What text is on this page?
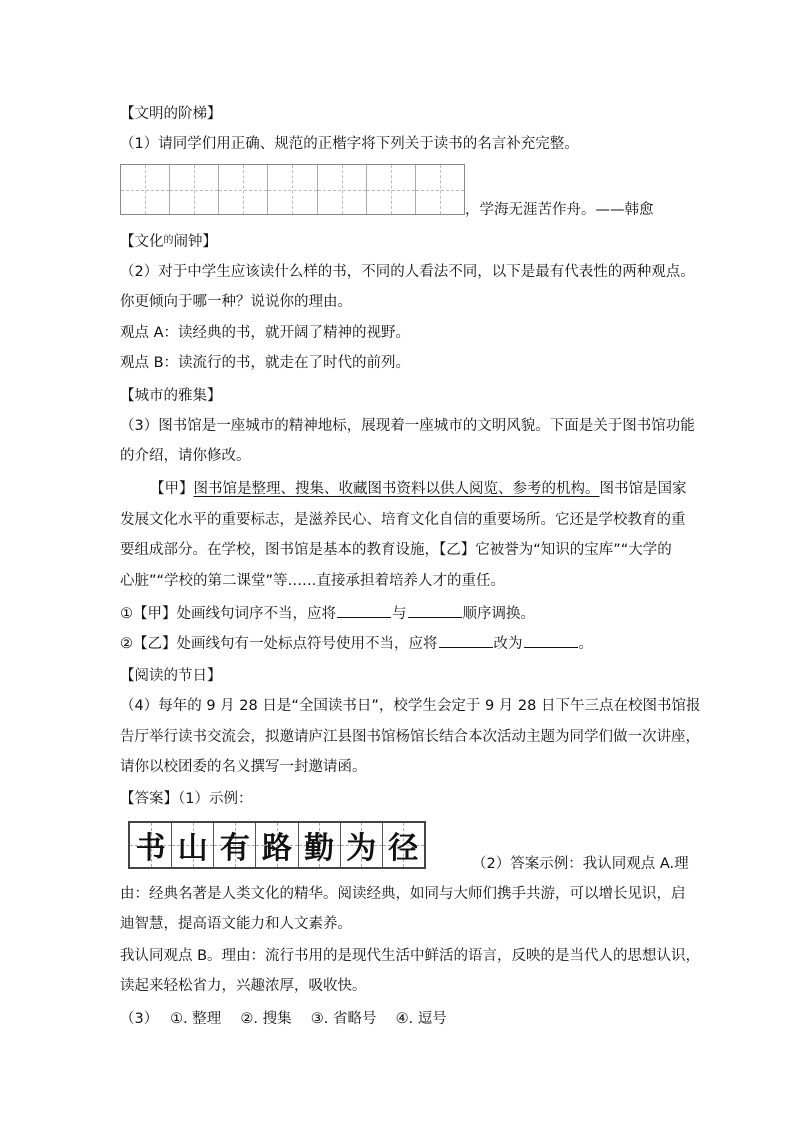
【文明的阶梯】
（1）请同学们用正确、规范的正楷字将下列关于读书的名言补充完整。
，学海无涯苦作舟。——韩愈
【文化$^的$闹钟】
（2）对于中学生应该读什么样的书，不同的人看法不同，以下是最有代表性的两种观点。
你更倾向于哪一种？说说你的理由。
观点 A：读经典的书，就开阔了精神的视野。
观点 B：读流行的书，就走在了时代的前列。
【城市的雅集】
（3）图书馆是一座城市的精神地标，展现着一座城市的文明风貌。下面是关于图书馆功能
的介绍，请你修改。
【甲】图书馆是整理、搜集、收藏图书资料以供人阅览、参考的机构。图书馆是国家
发展文化水平的重要标志，是滋养民心、培育文化自信的重要场所。它还是学校教育的重
要组成部分。在学校，图书馆是基本的教育设施，【乙】它被誉为“知识的宝库”“大学的
心脏”“学校的第二课堂”等……直接承担着培养人才的重任。
①【甲】处画线句词序不当，应将	与	顺序调换。
②【乙】处画线句有一处标点符号使用不当，应将	改为	。
【阅读的节日】
（4）每年的 9 月 28 日是“全国读书日”，校学生会定于 9 月 28 日下午三点在校图书馆报
告厅举行读书交流会，拟邀请庐江县图书馆杨馆长结合本次活动主题为同学们做一次讲座，
请你以校团委的名义撰写一封邀请函。
【答案】（1）示例：
书 山 有 路 勤 为 径	（2）答案示例：我认同观点 A.理
由：经典名著是人类文化的精华。阅读经典，如同与大师们携手共游，可以增长见识，启
迪智慧，提高语文能力和人文素养。
我认同观点 B。理由：流行书用的是现代生活中鲜活的语言，反映的是当代人的思想认识，
读起来轻松省力，兴趣浓厚，吸收快。
（3）　 ①. 整理　 ②. 搜集　 ③. 省略号　 ④. 逗号
